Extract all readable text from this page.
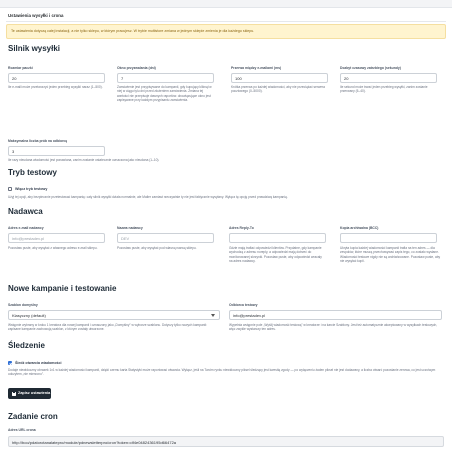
Ustawienia wysyłki i crona
Te ustawienia dotyczą całej instalacji, a nie tylko sklepu, w którym pracujesz. W trybie multistore zmiana w jednym sklepie zmienia je dla każdego sklepu.
Silnik wysyłki
Rozmiar paczki
20
Ile e-maili może przetworzyć jeden przebieg wysyłki naraz (1–500).
Okno przyzwalania (dni)
7
Zamówienie jest przypisywane do kampanii, gdy kupujący kliknął w niej w ciągu tylu dni przed złożeniem zamówienia. Zmiana tej wartości nie przepisuje dawnych raportów: obowiązujące okno jest zapisywane przy każdym przypisaniu zamówienia.
Przerwa między e-mailami (ms)
100
Krótka przerwa po każdej wiadomości, aby nie przeciążać serwera pocztowego (0–5000).
Dozbyt czasowy zatrzbiego (sekundy)
20
Ile sekund może trwać jeden przebieg wysyłki, zanim zostanie przerwany (5–40).
Maksymalna liczba prób na odbiorcę
3
Ile razy nieudana wiadomość jest ponawiana, zanim zostanie ostatecznie oznaczona jako nieudana (1–10).
Tryb testowy
Włącz tryb testowy
Użyj tej opcji, aby bezpiecznie przetestować kampanię: cały silnik wysyłki działa normalnie, ale Mailer zamiast rzeczywiste ty nie jest faktycznie wysyłany. Wyłącz tę opcję przed prawdziwą kampanią.
Nadawca
Adres e-mail nadawcy
info@prestadev.pl
Pozostaw puste, aby wysyłać z własnego adresu e-mail sklepu.
Nazwa nadawcy
DEV
Pozostaw puste, aby wysyłać pod własną nazwą sklepu.
Adres Reply-To
Gdzie mają trafiać odpowiedzi klientów. Przydatne, gdy kampanie wychodzą z adresu noreply, a odpowiedzi mają dotrzeć do monitorowanej skrzynki. Pozostaw puste, aby odpowiedzi wracały na adres nadawcy.
Kopia archiwalna (BCC)
Ukryta kopia każdej wiadomości kampanii trafia na ten adres — dla zespołów, które muszą przechowywać zapis tego, co zostało wysłane. Wiadomości testowe nigdy nie są archiwizowane. Pozostaw puste, aby nie wysyłać kopii.
Nowe kampanie i testowanie
Szablon domyślny
Klasyczny (default)
Wstępnie wybrany w kroku 1 kreatora dla nowej kampanii i oznaczony jako „Domyślny” w wyborze szablonu. Dotyczy tylko nowych kampanii: zapisane kampanie zachowują szablon, z którym zostały utworzone.
Odbiorca testowy
info@prestadev.pl
Wypełnia wstępnie pole „Wyślij wiadomość testową” w kreatorze i na karcie Szablony. Jest też automatycznie akceptowany w wysyłkach testowych, więc zwykle wystarczy ten adres.
Śledzenie
Śledź otwarcia wiadomości
Dodaje niewidoczny obrazek 1x1 w każdej wiadomości kampanii, dzięki czemu karta Statystyki może raportować otwarcia. Wyłącz, jeśli na Twoim rynku niewidoczny piksel śledzący jest kwestią zgody — po wyłączeniu żaden piksel nie jest dodawany, a liczba otwarć pozostanie zerowa, co jest uczciwym odczytem „nie mierzono”.
Zapisz ustawienia
Zadanie cron
Adres URL crona
http://boo/pdatorotanalatepro/module/pdnewsletterpro/cron?token=df4e0482436195d66472a
